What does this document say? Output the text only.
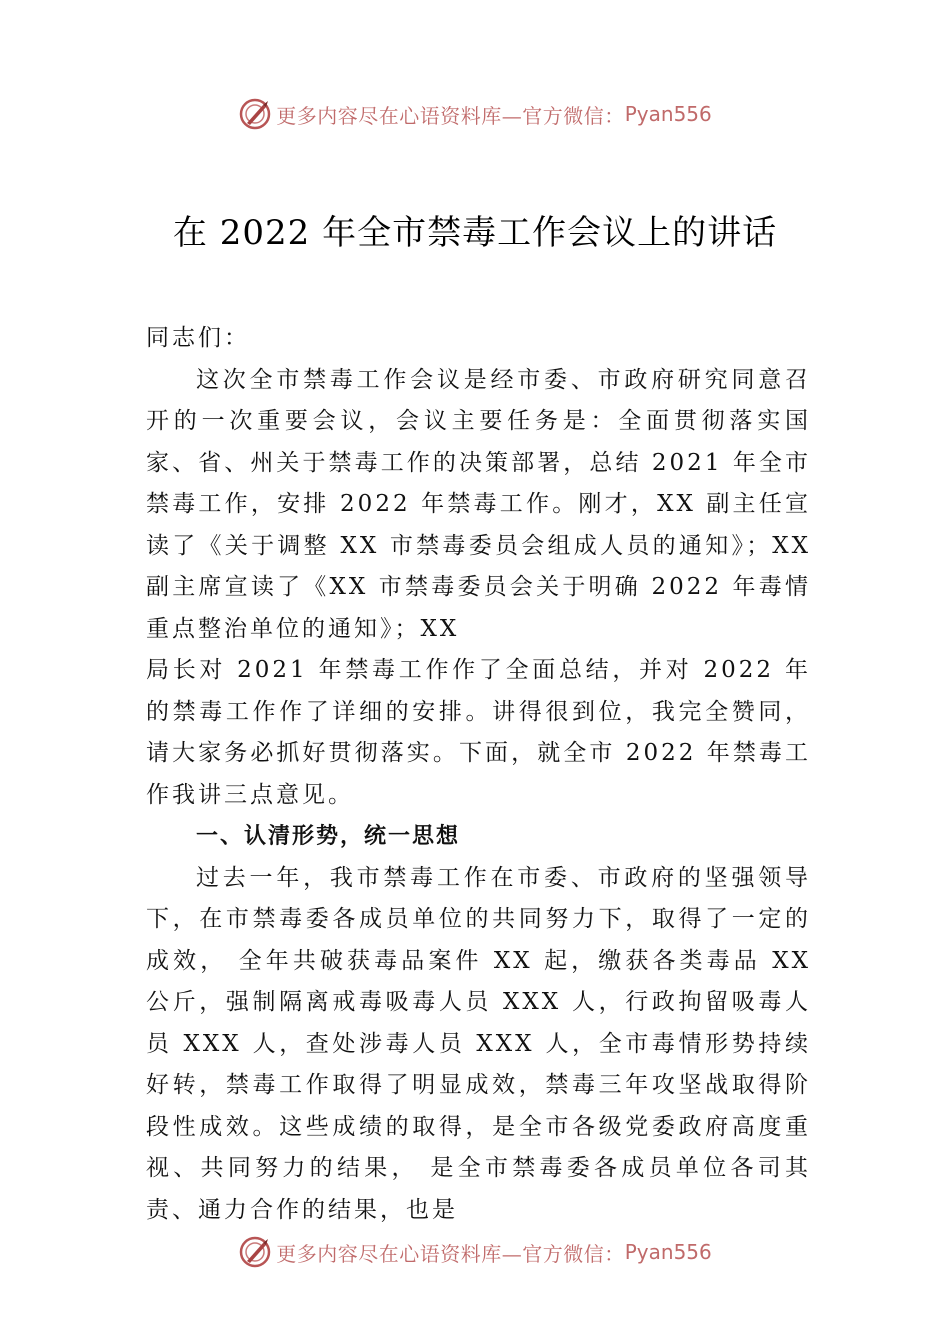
更多内容尽在心语资料库—官方微信： Pyan556
在 2022 年全市禁毒工作会议上的讲话

同志们：

这次全市禁毒工作会议是经市委、市政府研究同意召开的一次重要会议，会议主要任务是：全面贯彻落实国家、省、州关于禁毒工作的决策部署，总结 2021 年全市禁毒工作，安排 2022 年禁毒工作。刚才，XX 副主任宣读了《关于调整 XX 市禁毒委员会组成人员的通知》；XX 副主席宣读了《XX 市禁毒委员会关于明确 2022 年毒情重点整治单位的通知》；XX

局长对 2021 年禁毒工作作了全面总结，并对 2022 年的禁毒工作作了详细的安排。讲得很到位，我完全赞同，请大家务必抓好贯彻落实。下面，就全市 2022 年禁毒工作我讲三点意见。

一、认清形势，统一思想

过去一年，我市禁毒工作在市委、市政府的坚强领导下，在市禁毒委各成员单位的共同努力下，取得了一定的成效， 全年共破获毒品案件 XX 起，缴获各类毒品 XX 公斤，强制隔离戒毒吸毒人员 XXX 人，行政拘留吸毒人员 XXX 人，查处涉毒人员 XXX 人，全市毒情形势持续好转，禁毒工作取得了明显成效，禁毒三年攻坚战取得阶段性成效。这些成绩的取得，是全市各级党委政府高度重视、共同努力的结果， 是全市禁毒委各成员单位各司其责、通力合作的结果，也是

更多内容尽在心语资料库—官方微信： Pyan556
